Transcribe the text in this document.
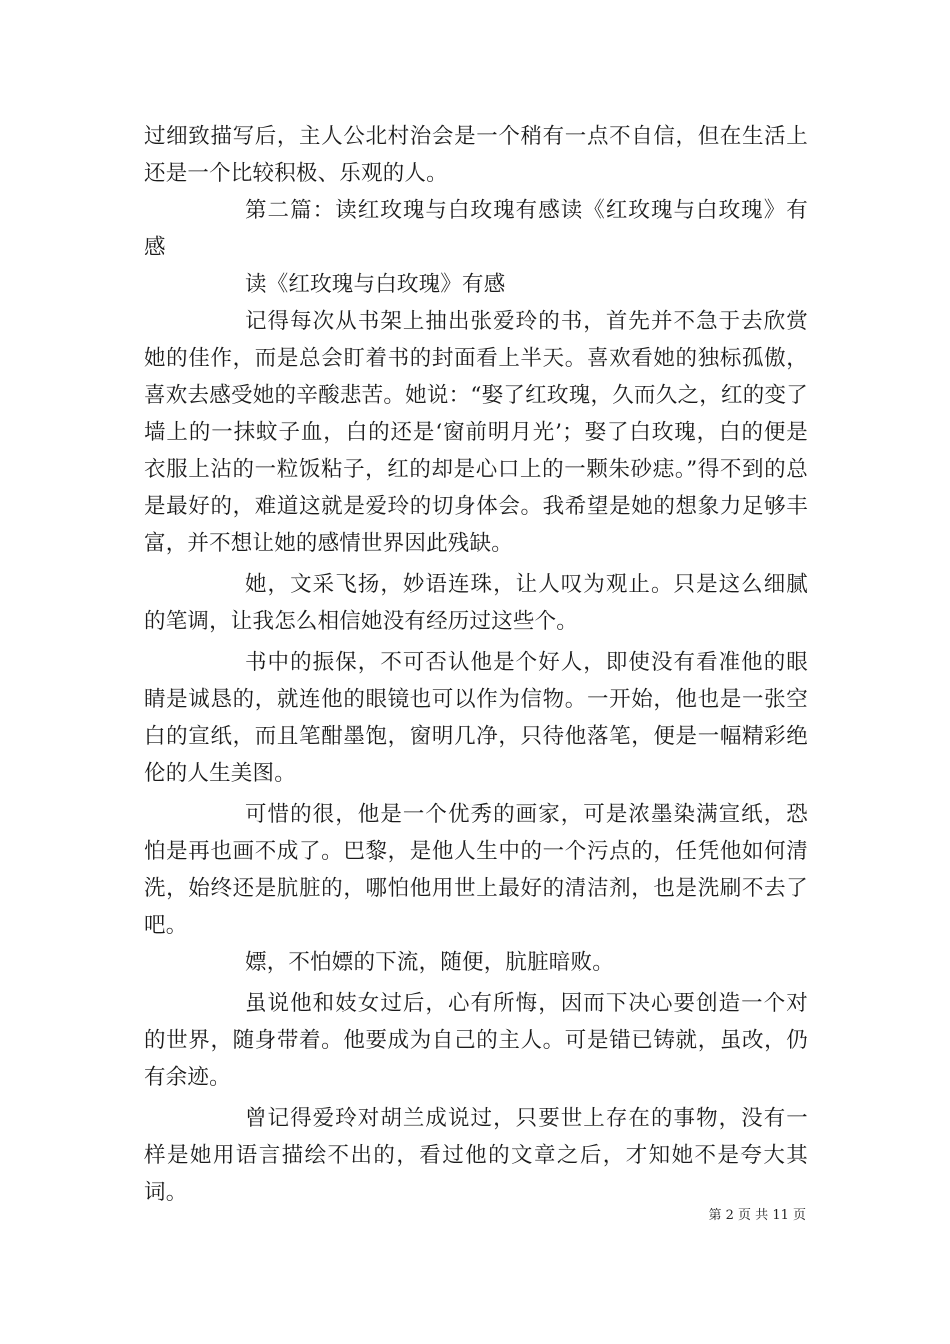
过细致描写后，主人公北村治会是一个稍有一点不自信，但在生活上还是一个比较积极、乐观的人。

第二篇：读红玫瑰与白玫瑰有感读《红玫瑰与白玫瑰》有感

读《红玫瑰与白玫瑰》有感

记得每次从书架上抽出张爱玲的书，首先并不急于去欣赏她的佳作，而是总会盯着书的封面看上半天。喜欢看她的独标孤傲，喜欢去感受她的辛酸悲苦。她说：“娶了红玫瑰，久而久之，红的变了墙上的一抹蚊子血，白的还是‘窗前明月光’；娶了白玫瑰，白的便是衣服上沾的一粒饭粘子，红的却是心口上的一颗朱砂痣。”得不到的总是最好的，难道这就是爱玲的切身体会。我希望是她的想象力足够丰富，并不想让她的感情世界因此残缺。

她，文采飞扬，妙语连珠，让人叹为观止。只是这么细腻的笔调，让我怎么相信她没有经历过这些个。

书中的振保，不可否认他是个好人，即使没有看准他的眼睛是诚恳的，就连他的眼镜也可以作为信物。一开始，他也是一张空白的宣纸，而且笔酣墨饱，窗明几净，只待他落笔，便是一幅精彩绝伦的人生美图。

可惜的很，他是一个优秀的画家，可是浓墨染满宣纸，恐怕是再也画不成了。巴黎，是他人生中的一个污点的，任凭他如何清洗，始终还是肮脏的，哪怕他用世上最好的清洁剂，也是洗刷不去了吧。

嫖，不怕嫖的下流，随便，肮脏暗败。

虽说他和妓女过后，心有所悔，因而下决心要创造一个对的世界，随身带着。他要成为自己的主人。可是错已铸就，虽改，仍有余迹。

曾记得爱玲对胡兰成说过，只要世上存在的事物，没有一样是她用语言描绘不出的，看过他的文章之后，才知她不是夸大其词。

第 2 页 共 11 页
